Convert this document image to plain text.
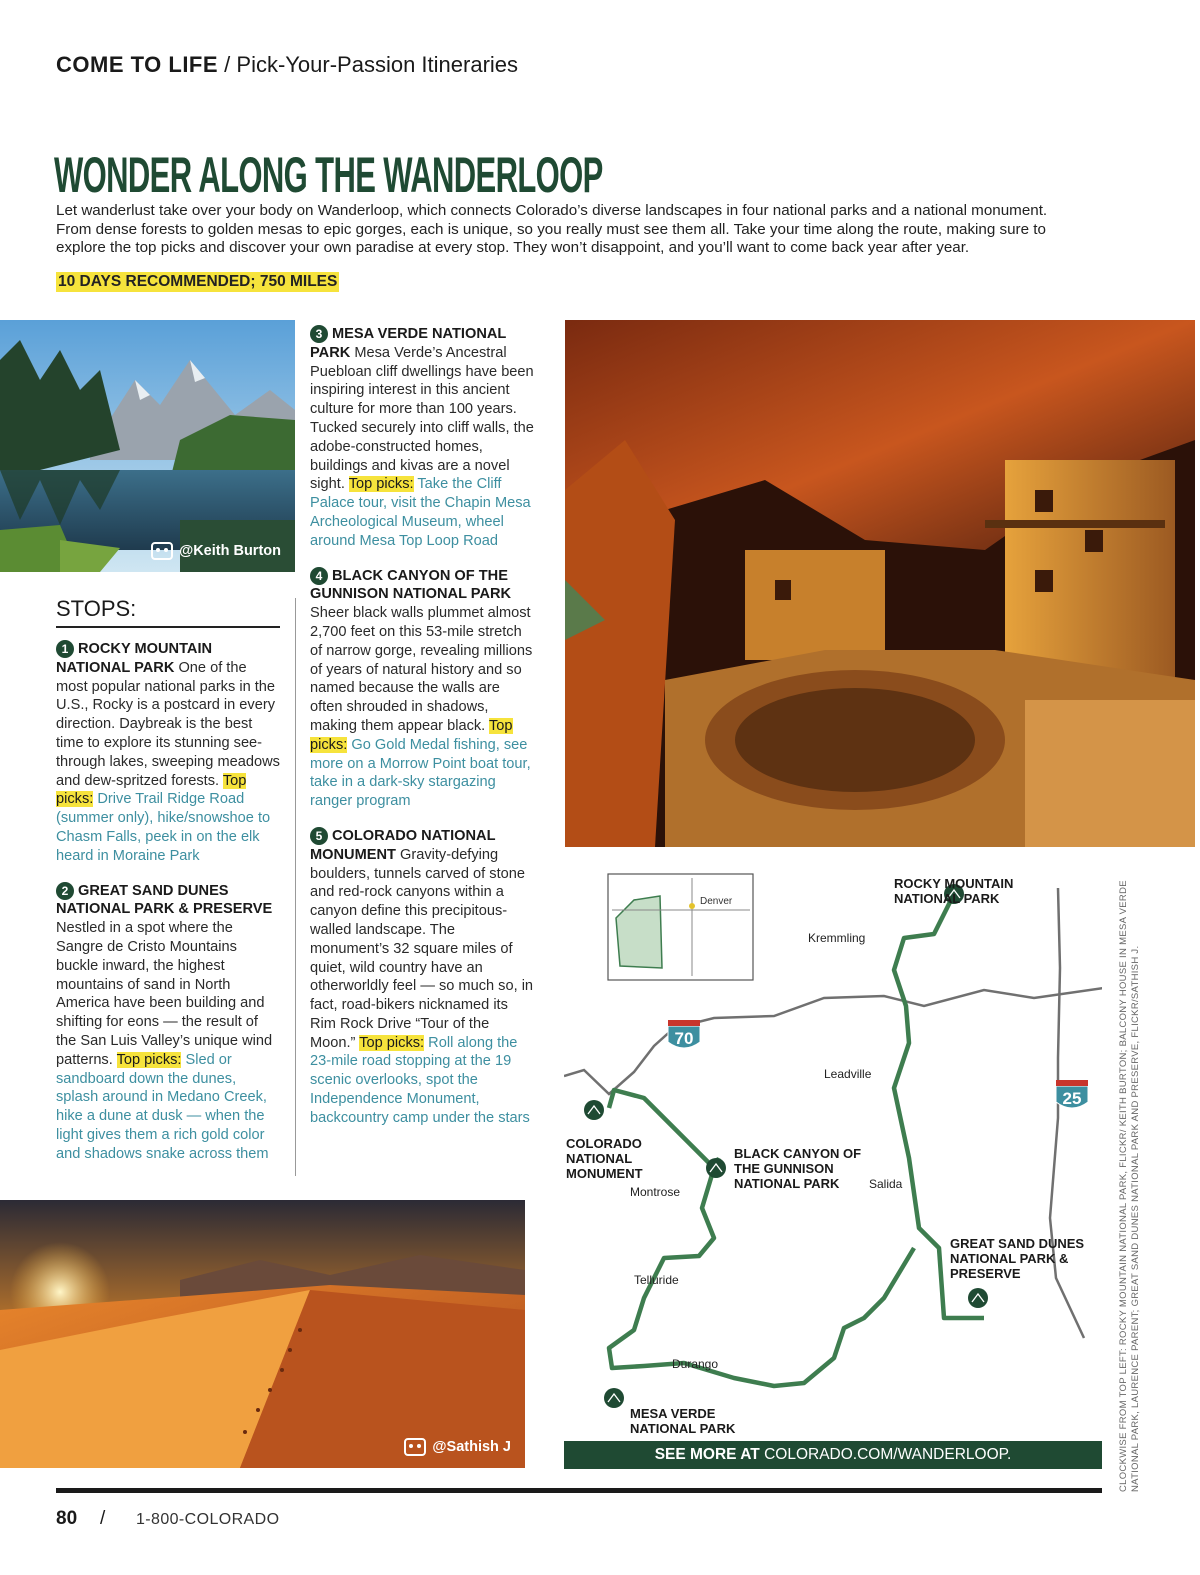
COME TO LIFE / Pick-Your-Passion Itineraries
WONDER ALONG THE WANDERLOOP
Let wanderlust take over your body on Wanderloop, which connects Colorado’s diverse landscapes in four national parks and a national monument. From dense forests to golden mesas to epic gorges, each is unique, so you really must see them all. Take your time along the route, making sure to explore the top picks and discover your own paradise at every stop. They won’t disappoint, and you’ll want to come back year after year.
10 DAYS RECOMMENDED; 750 MILES
@Keith Burton
STOPS:

1 ROCKY MOUNTAIN NATIONAL PARK One of the most popular national parks in the U.S., Rocky is a postcard in every direction. Daybreak is the best time to explore its stunning see-through lakes, sweeping meadows and dew-spritzed forests. Top picks: Drive Trail Ridge Road (summer only), hike/snowshoe to Chasm Falls, peek in on the elk heard in Moraine Park

2 GREAT SAND DUNES NATIONAL PARK & PRESERVE Nestled in a spot where the Sangre de Cristo Mountains buckle inward, the highest mountains of sand in North America have been building and shifting for eons — the result of the San Luis Valley’s unique wind patterns. Top picks: Sled or sandboard down the dunes, splash around in Medano Creek, hike a dune at dusk — when the light gives them a rich gold color and shadows snake across them

3 MESA VERDE NATIONAL PARK Mesa Verde’s Ancestral Puebloan cliff dwellings have been inspiring interest in this ancient culture for more than 100 years. Tucked securely into cliff walls, the adobe-constructed homes, buildings and kivas are a novel sight. Top picks: Take the Cliff Palace tour, visit the Chapin Mesa Archeological Museum, wheel around Mesa Top Loop Road

4 BLACK CANYON OF THE GUNNISON NATIONAL PARK Sheer black walls plummet almost 2,700 feet on this 53-mile stretch of narrow gorge, revealing millions of years of natural history and so named because the walls are often shrouded in shadows, making them appear black. Top picks: Go Gold Medal fishing, see more on a Morrow Point boat tour, take in a dark-sky stargazing ranger program

5 COLORADO NATIONAL MONUMENT Gravity-defying boulders, tunnels carved of stone and red-rock canyons within a canyon define this precipitous-walled landscape. The monument’s 32 square miles of quiet, wild country have an otherworldly feel — so much so, in fact, road-bikers nicknamed its Rim Rock Drive “Tour of the Moon.” Top picks: Roll along the 23-mile road stopping at the 19 scenic overlooks, spot the Independence Monument, backcountry camp under the stars

@Sathish J
Denver
70
25
Kremmling
Leadville
Salida
Montrose
Telluride
Durango
ROCKY MOUNTAIN NATIONAL PARK
COLORADO NATIONAL MONUMENT
BLACK CANYON OF THE GUNNISON NATIONAL PARK
GREAT SAND DUNES NATIONAL PARK & PRESERVE
MESA VERDE NATIONAL PARK
SEE MORE AT COLORADO.COM/WANDERLOOP.	CLOCKWISE FROM TOP LEFT: ROCKY MOUNTAIN NATIONAL PARK, FLICKR/ KEITH BURTON; BALCONY HOUSE IN MESA VERDE NATIONAL PARK, LAURENCE PARENT; GREAT SAND DUNES NATIONAL PARK AND PRESERVE, FLICKR/SATHISH J.
80 / 1-800-COLORADO
